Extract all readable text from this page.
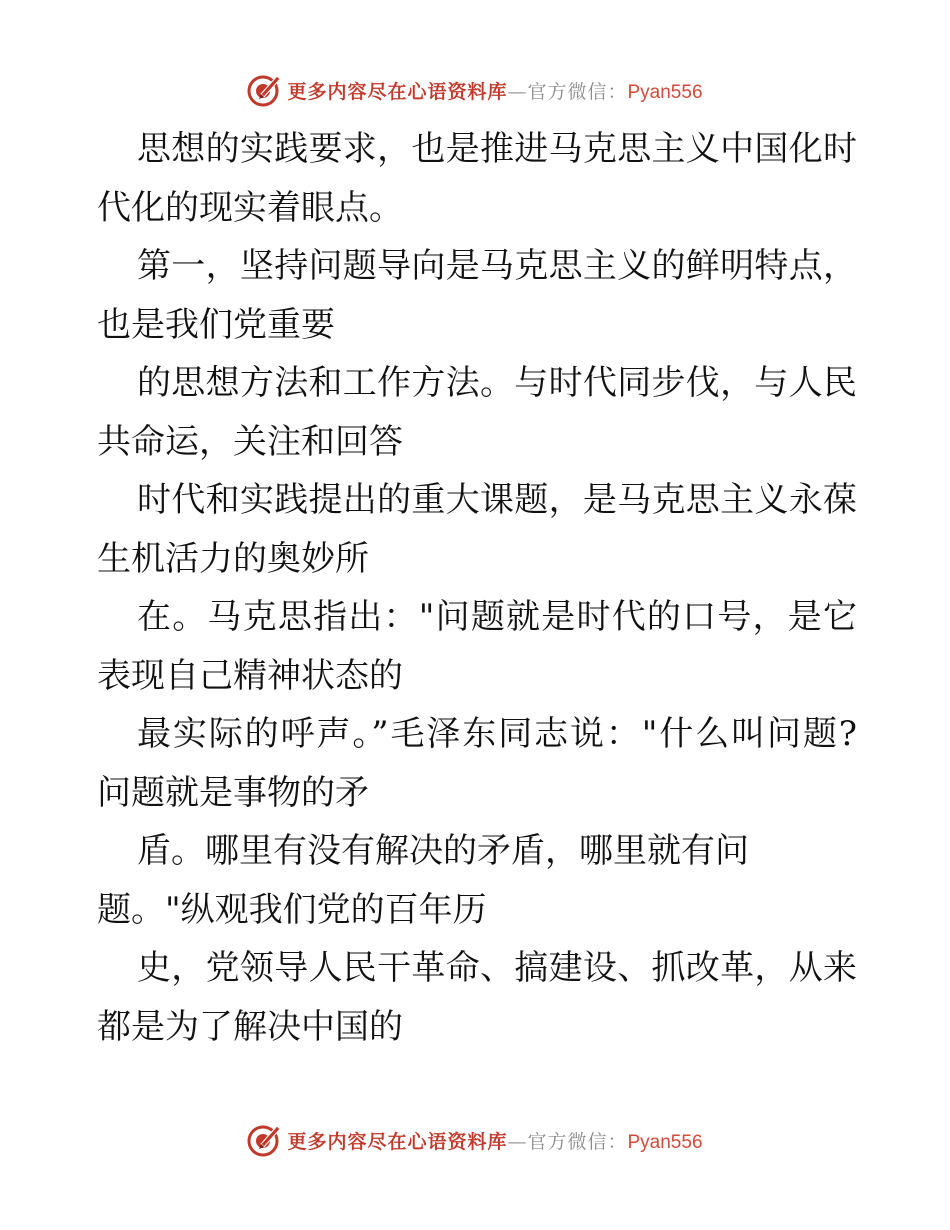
更多内容尽在心语资料库—官方微信：Pyan556
思想的实践要求，也是推进马克思主义中国化时
代化的现实着眼点。
第一，坚持问题导向是马克思主义的鲜明特点，
也是我们党重要
的思想方法和工作方法。与时代同步伐，与人民
共命运，关注和回答
时代和实践提出的重大课题，是马克思主义永葆
生机活力的奥妙所
在。马克思指出："问题就是时代的口号，是它
表现自己精神状态的
最实际的呼声。”毛泽东同志说："什么叫问题?
问题就是事物的矛
盾。哪里有没有解决的矛盾，哪里就有问
题。"纵观我们党的百年历
史，党领导人民干革命、搞建设、抓改革，从来
都是为了解决中国的
更多内容尽在心语资料库—官方微信：Pyan556
